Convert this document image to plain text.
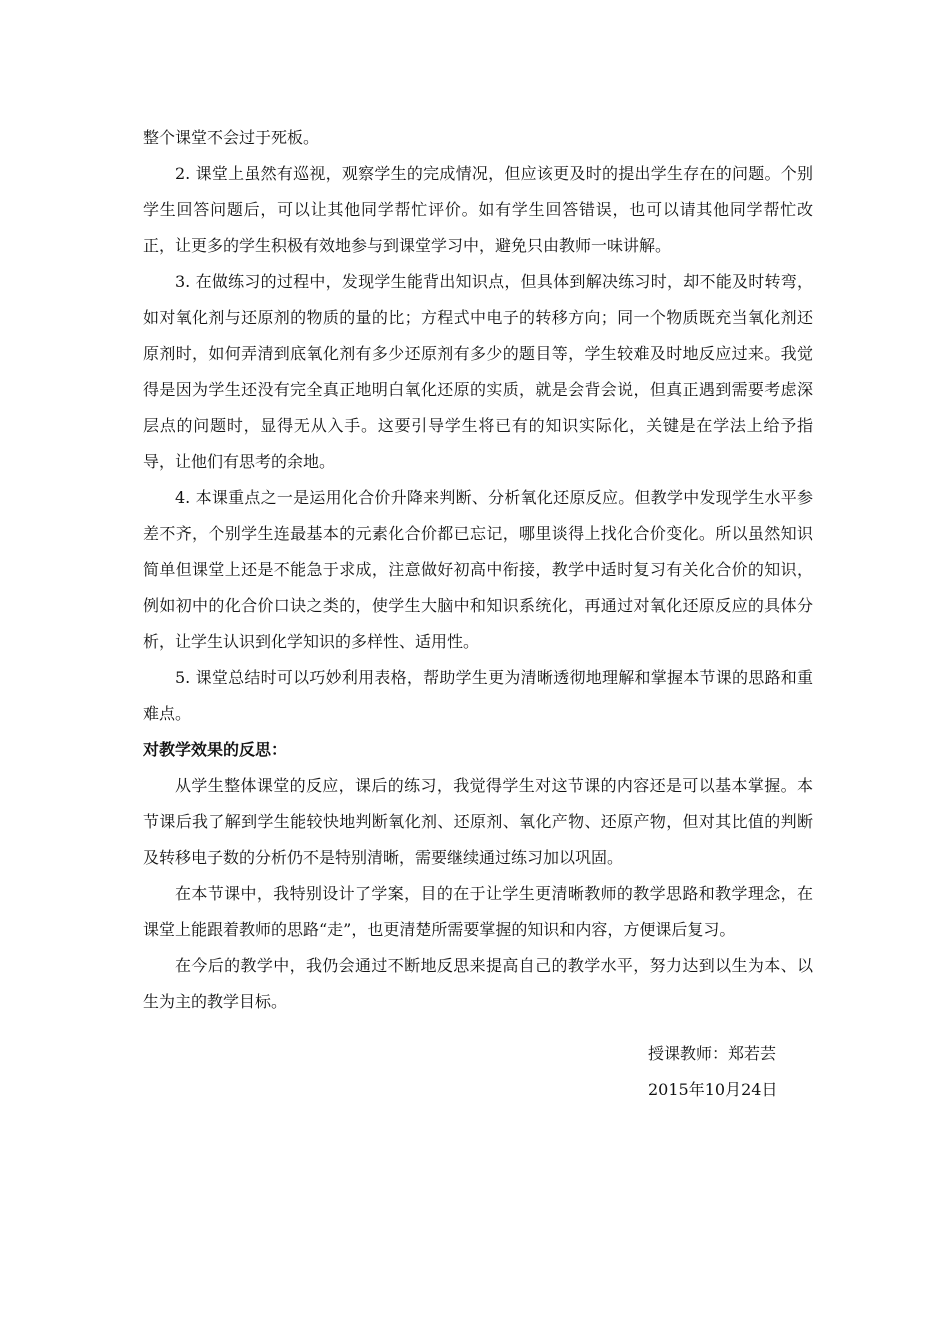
整个课堂不会过于死板。

2. 课堂上虽然有巡视，观察学生的完成情况，但应该更及时的提出学生存在的问题。个别学生回答问题后，可以让其他同学帮忙评价。如有学生回答错误，也可以请其他同学帮忙改正，让更多的学生积极有效地参与到课堂学习中，避免只由教师一味讲解。

3. 在做练习的过程中，发现学生能背出知识点，但具体到解决练习时，却不能及时转弯，如对氧化剂与还原剂的物质的量的比；方程式中电子的转移方向；同一个物质既充当氧化剂还原剂时，如何弄清到底氧化剂有多少还原剂有多少的题目等，学生较难及时地反应过来。我觉得是因为学生还没有完全真正地明白氧化还原的实质，就是会背会说，但真正遇到需要考虑深层点的问题时，显得无从入手。这要引导学生将已有的知识实际化，关键是在学法上给予指导，让他们有思考的余地。

4. 本课重点之一是运用化合价升降来判断、分析氧化还原反应。但教学中发现学生水平参差不齐，个别学生连最基本的元素化合价都已忘记，哪里谈得上找化合价变化。所以虽然知识简单但课堂上还是不能急于求成，注意做好初高中衔接，教学中适时复习有关化合价的知识，例如初中的化合价口诀之类的，使学生大脑中和知识系统化，再通过对氧化还原反应的具体分析，让学生认识到化学知识的多样性、适用性。

5. 课堂总结时可以巧妙利用表格，帮助学生更为清晰透彻地理解和掌握本节课的思路和重难点。

对教学效果的反思：

从学生整体课堂的反应，课后的练习，我觉得学生对这节课的内容还是可以基本掌握。本节课后我了解到学生能较快地判断氧化剂、还原剂、氧化产物、还原产物，但对其比值的判断及转移电子数的分析仍不是特别清晰，需要继续通过练习加以巩固。

在本节课中，我特别设计了学案，目的在于让学生更清晰教师的教学思路和教学理念，在课堂上能跟着教师的思路“走”，也更清楚所需要掌握的知识和内容，方便课后复习。

在今后的教学中，我仍会通过不断地反思来提高自己的教学水平，努力达到以生为本、以生为主的教学目标。

授课教师：郑若芸
2015年10月24日
